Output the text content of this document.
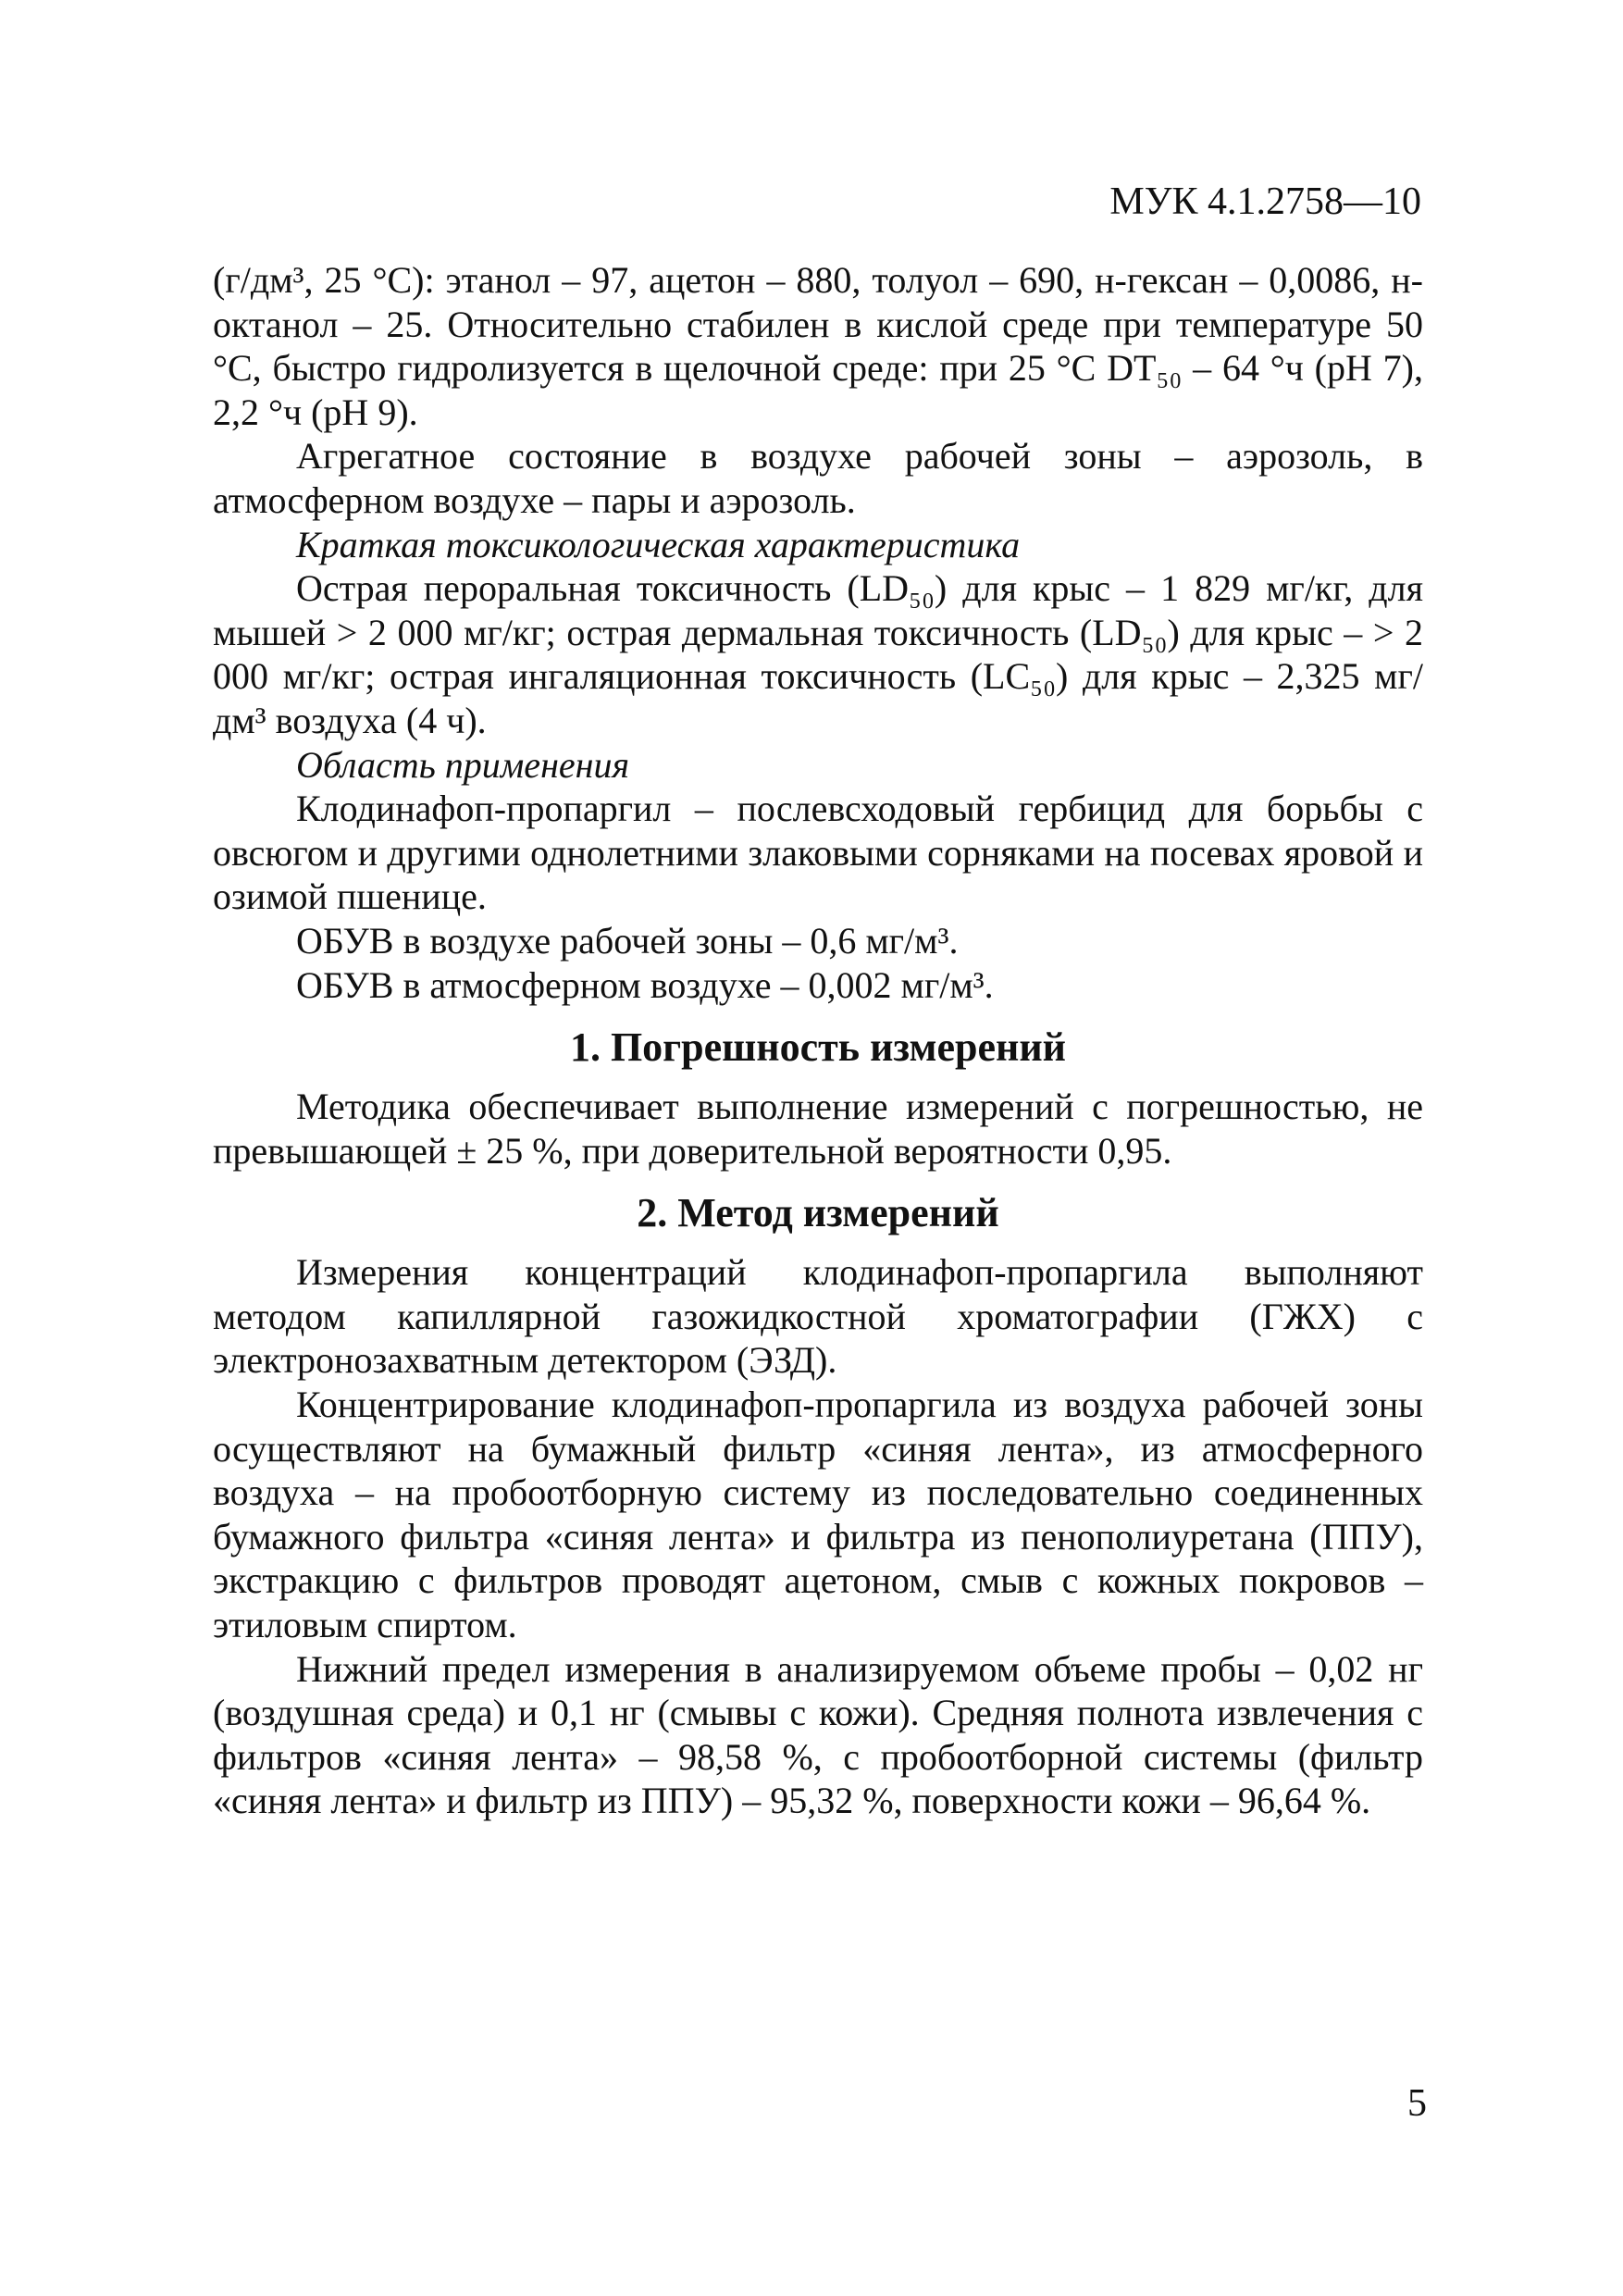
МУК 4.1.2758—10

(г/дм³, 25 °С): этанол – 97, ацетон – 880, толуол – 690, н-гексан – 0,0086, н-октанол – 25. Относительно стабилен в кислой среде при температуре 50 °С, быстро гидролизуется в щелочной среде: при 25 °С DT₅₀ – 64 °ч (рН 7), 2,2 °ч (рН 9).

Агрегатное состояние в воздухе рабочей зоны – аэрозоль, в атмосферном воздухе – пары и аэрозоль.

Краткая токсикологическая характеристика

Острая пероральная токсичность (LD₅₀) для крыс – 1 829 мг/кг, для мышей > 2 000 мг/кг; острая дермальная токсичность (LD₅₀) для крыс – > 2 000 мг/кг; острая ингаляционная токсичность (LC₅₀) для крыс – 2,325 мг/дм³ воздуха (4 ч).

Область применения

Клодинафоп-пропаргил – послевсходовый гербицид для борьбы с овсюгом и другими однолетними злаковыми сорняками на посевах яровой и озимой пшенице.

ОБУВ в воздухе рабочей зоны – 0,6 мг/м³.

ОБУВ в атмосферном воздухе – 0,002 мг/м³.

1. Погрешность измерений

Методика обеспечивает выполнение измерений с погрешностью, не превышающей ± 25 %, при доверительной вероятности 0,95.

2. Метод измерений

Измерения концентраций клодинафоп-пропаргила выполняют методом капиллярной газожидкостной хроматографии (ГЖХ) с электронозахватным детектором (ЭЗД).

Концентрирование клодинафоп-пропаргила из воздуха рабочей зоны осуществляют на бумажный фильтр «синяя лента», из атмосферного воздуха – на пробоотборную систему из последовательно соединенных бумажного фильтра «синяя лента» и фильтра из пенополиуретана (ППУ), экстракцию с фильтров проводят ацетоном, смыв с кожных покровов – этиловым спиртом.

Нижний предел измерения в анализируемом объеме пробы – 0,02 нг (воздушная среда) и 0,1 нг (смывы с кожи). Средняя полнота извлечения с фильтров «синяя лента» – 98,58 %, с пробоотборной системы (фильтр «синяя лента» и фильтр из ППУ) – 95,32 %, поверхности кожи – 96,64 %.

5
